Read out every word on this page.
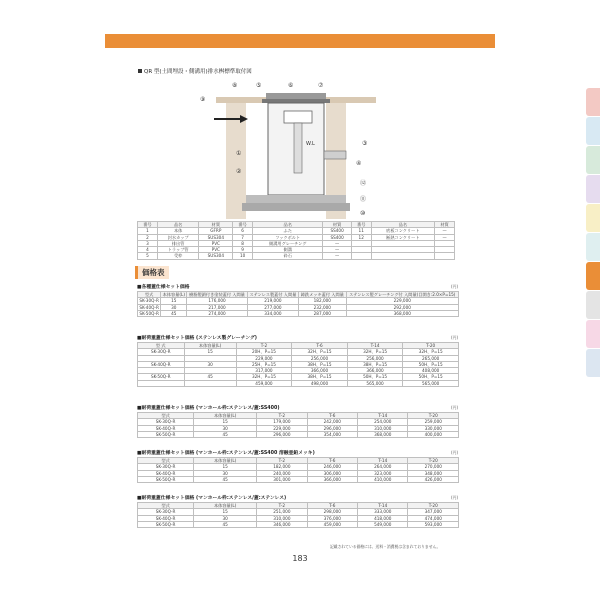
QR 型(土間埋設・側溝用)排水桝標準取付図
W.L
⑨
⑧	⑤	⑥	⑦
①
②
③
④
⑫
⑪
⑩
番号	品名	材質	番号	品名	材質	番号	品名	材質
1	本体	GFRP	6	ふた	SS400	11	底板コンクリート	—
2	封水カップ	SUS304	7	フックボルト	SS400	12	断熱コンクリート	—
3	排出管	PVC	8	側溝用グレーチング	—			
4	トラップ管	PVC	9	側溝	—			
5	受枠	SUS304	10	砕石	—			
価格表
■各種蓋仕様セット価格	(円)
型式	本体容量(L)	樹脂製鎖付き塗装蓋付 入間量	ステンレス製蓋付 入間量	鋳鉄メッキ蓋付 入間量	ステンレス製グレーチング付 入間量(目開き:2.0×P=15)
SK-30Q-R	15	176,000	219,000	182,000	229,000
SK-40Q-R	30	217,000	277,000	232,000	292,000
SK-50Q-R	45	274,000	334,000	287,000	368,000
■耐荷重蓋仕様セット価格 (ステンレス製グレーチング)	(円)
型 式	本体容量(L)	T-2	T-6	T-14	T-20
SK-30Q-R	15	20H、P=15	32H、P=15	32H、P=15	32H、P=15
		229,000	256,000	256,000	265,000
SK-40Q-R	30	25H、P=15	38H、P=15	38H、P=15	50H、P=15
		317,000	366,000	366,000	408,000
SK-50Q-R	45	32H、P=15	38H、P=15	50H、P=15	50H、P=15
		459,000	498,000	565,000	565,000
■耐荷重蓋仕様セット価格 (マンホール枠:ステンレス/蓋:SS400)	(円)
型式	本体容量(L)	T-2	T-6	T-14	T-20
SK-30Q-R	15	179,000	242,000	254,000	259,000
SK-40Q-R	30	229,000	296,000	310,000	330,000
SK-50Q-R	45	296,000	354,000	368,000	400,000
■耐荷重蓋仕様セット価格 (マンホール枠:ステンレス/蓋:SS400 溶融亜鉛メッキ)	(円)
型式	本体容量(L)	T-2	T-6	T-14	T-20
SK-30Q-R	15	182,000	246,000	264,000	270,000
SK-40Q-R	30	240,000	306,000	323,000	348,000
SK-50Q-R	45	301,000	366,000	410,000	426,000
■耐荷重蓋仕様セット価格 (マンホール枠:ステンレス/蓋:ステンレス)	(円)
型式	本体容量(L)	T-2	T-6	T-14	T-20
SK-30Q-R	15	251,000	298,000	333,000	347,000
SK-40Q-R	30	310,000	376,000	418,000	474,000
SK-50Q-R	45	346,000	459,000	549,000	593,000
記載されている価格には、送料・消費税は含まれておりません。
183
